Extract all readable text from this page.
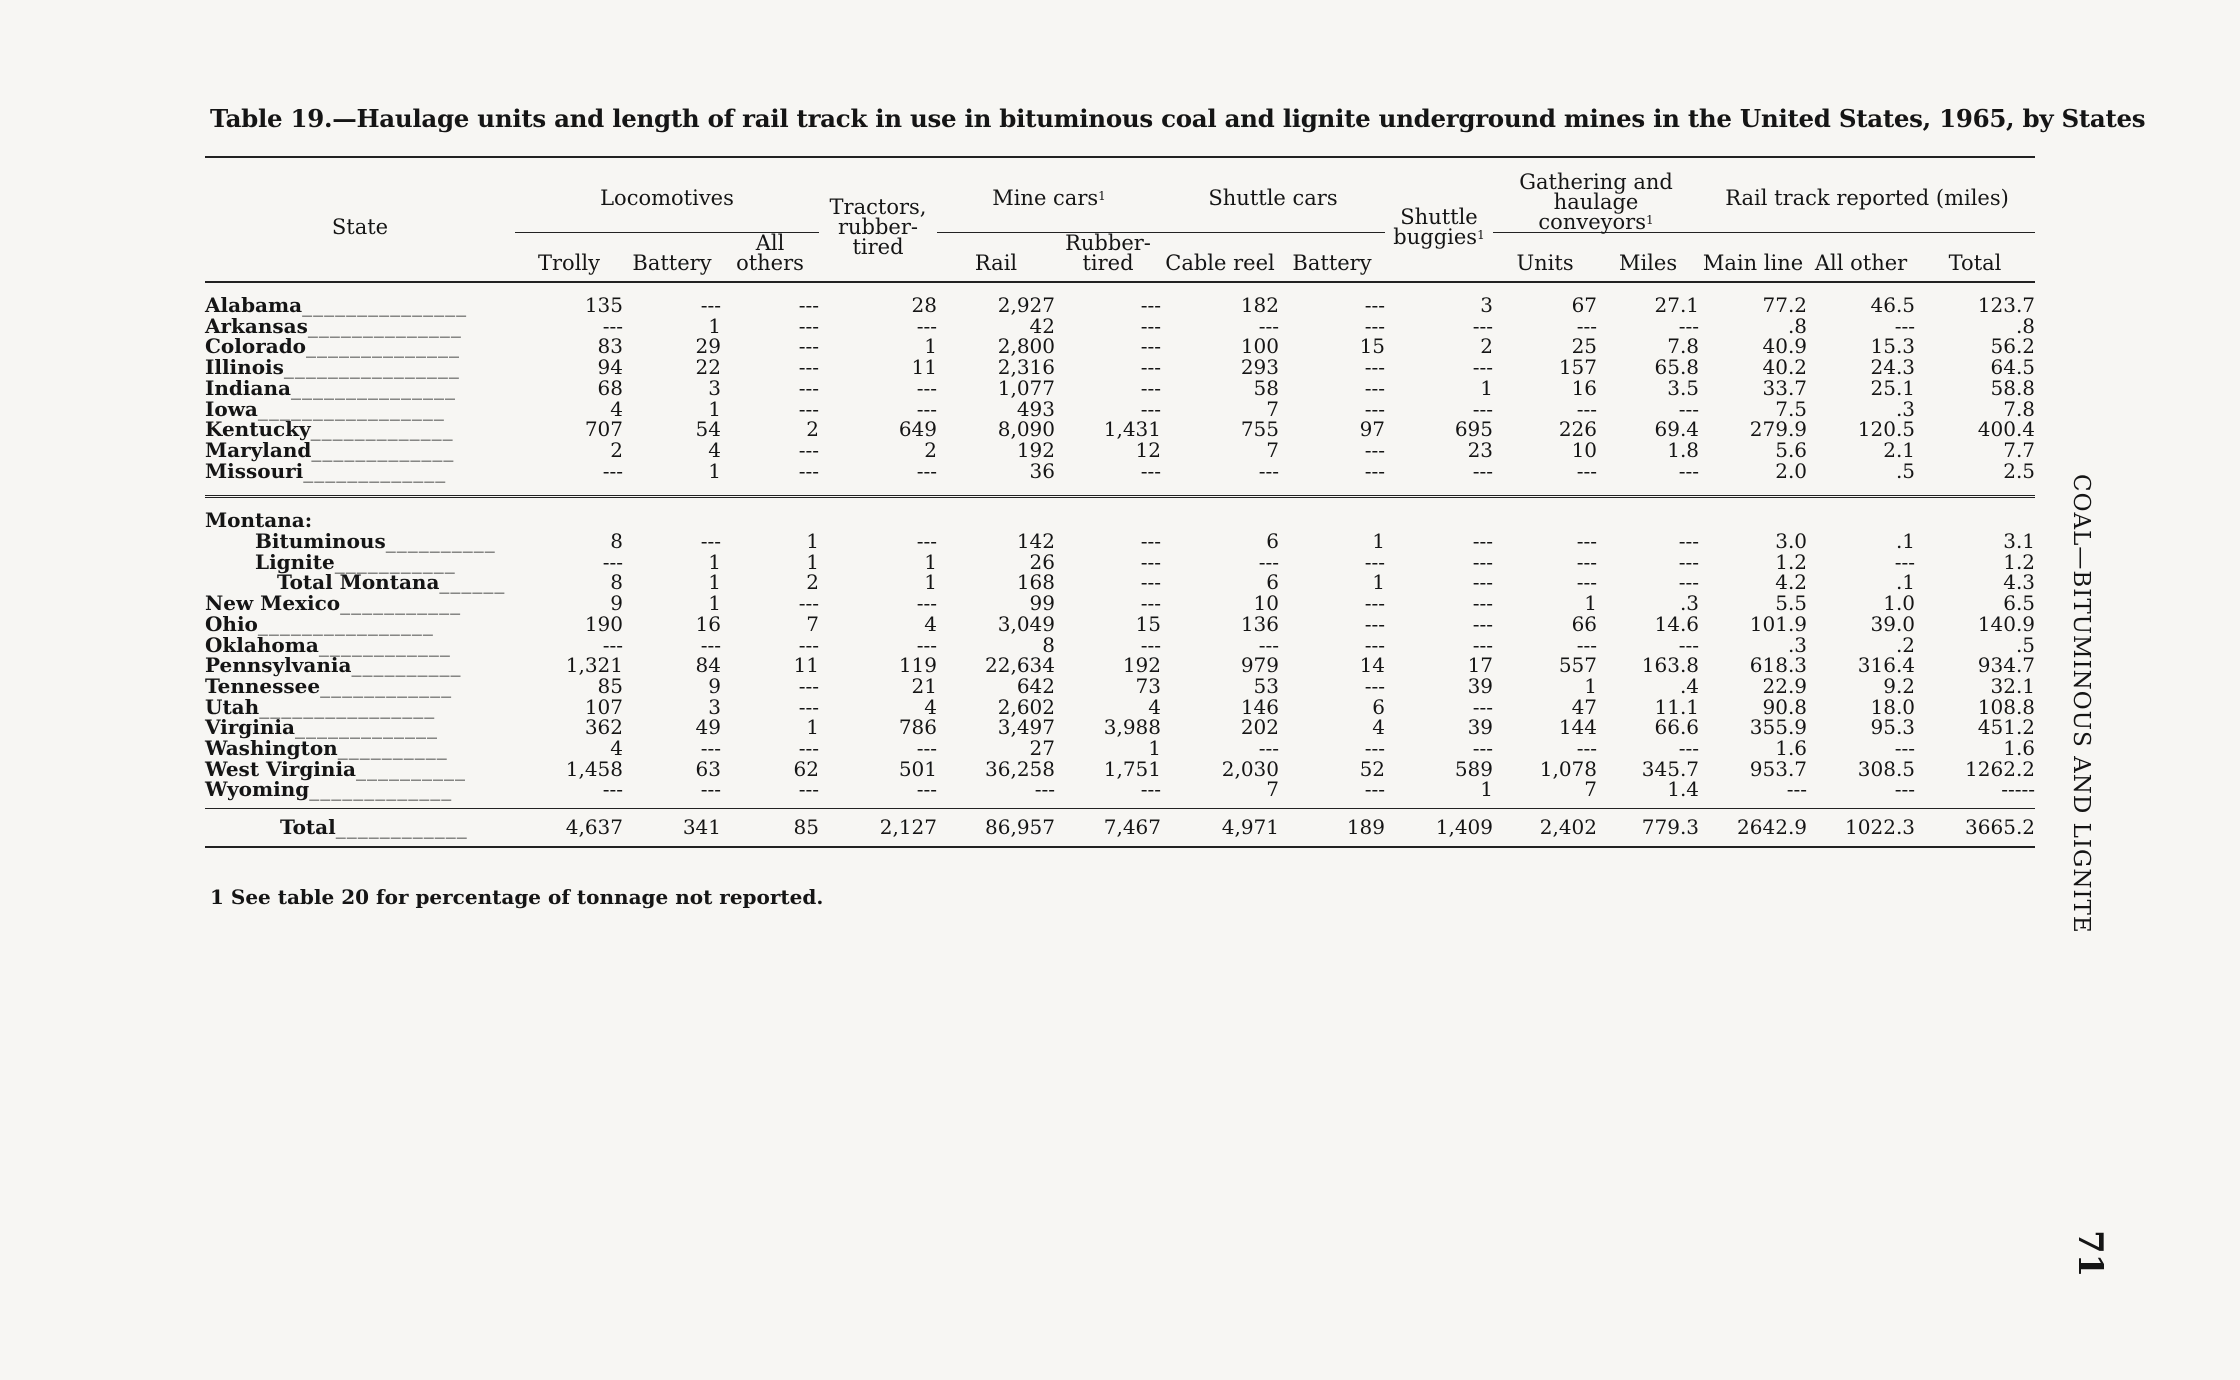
Table 19.—Haulage units and length of rail track in use in bituminous coal and lignite underground mines in the United States, 1965, by States
State	Locomotives			Tractors, rubber-tired	Mine cars$^1$		Shuttle cars		Shuttle buggies$^1$	Gathering and haulage conveyors$^1$		Rail track reported (miles)		
	Trolly	Battery	All others		Rail	Rubber-tired	Cable reel	Battery		Units	Miles	Main line	All other	Total
Alabama_______________	135	---	---	28	2,927	---	182	---	3	67	27.1	77.2	46.5	123.7
Arkansas______________	---	1	---	---	42	---	---	---	---	---	---	.8	---	.8
Colorado______________	83	29	---	1	2,800	---	100	15	2	25	7.8	40.9	15.3	56.2
Illinois________________	94	22	---	11	2,316	---	293	---	---	157	65.8	40.2	24.3	64.5
Indiana_______________	68	3	---	---	1,077	---	58	---	1	16	3.5	33.7	25.1	58.8
Iowa_________________	4	1	---	---	493	---	7	---	---	---	---	7.5	.3	7.8
Kentucky_____________	707	54	2	649	8,090	1,431	755	97	695	226	69.4	279.9	120.5	400.4
Maryland_____________	2	4	---	2	192	12	7	---	23	10	1.8	5.6	2.1	7.7
Missouri_____________	---	1	---	---	36	---	---	---	---	---	---	2.0	.5	2.5

Montana:														
Bituminous__________	8	---	1	---	142	---	6	1	---	---	---	3.0	.1	3.1
Lignite___________	---	1	1	1	26	---	---	---	---	---	---	1.2	---	1.2
Total Montana______	8	1	2	1	168	---	6	1	---	---	---	4.2	.1	4.3
New Mexico___________	9	1	---	---	99	---	10	---	---	1	.3	5.5	1.0	6.5
Ohio________________	190	16	7	4	3,049	15	136	---	---	66	14.6	101.9	39.0	140.9
Oklahoma____________	---	---	---	---	8	---	---	---	---	---	---	.3	.2	.5
Pennsylvania__________	1,321	84	11	119	22,634	192	979	14	17	557	163.8	618.3	316.4	934.7
Tennessee____________	85	9	---	21	642	73	53	---	39	1	.4	22.9	9.2	32.1
Utah________________	107	3	---	4	2,602	4	146	6	---	47	11.1	90.8	18.0	108.8
Virginia_____________	362	49	1	786	3,497	3,988	202	4	39	144	66.6	355.9	95.3	451.2
Washington__________	4	---	---	---	27	1	---	---	---	---	---	1.6	---	1.6
West Virginia__________	1,458	63	62	501	36,258	1,751	2,030	52	589	1,078	345.7	953.7	308.5	1262.2
Wyoming_____________	---	---	---	---	---	---	7	---	1	7	1.4	---	---	-----

Total____________	4,637	341	85	2,127	86,957	7,467	4,971	189	1,409	2,402	779.3	2642.9	1022.3	3665.2
1 See table 20 for percentage of tonnage not reported.	COAL—BITUMINOUS AND LIGNITE
71
